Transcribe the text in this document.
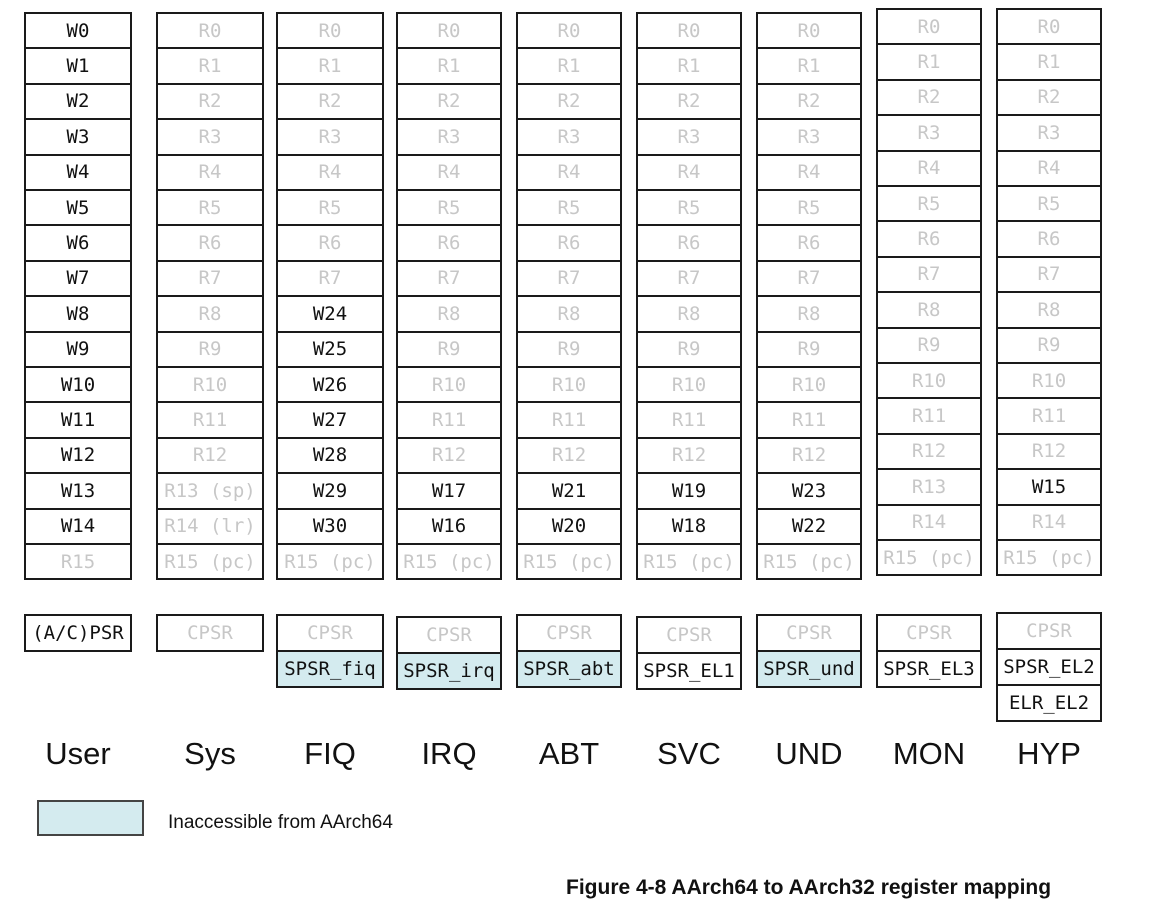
W0
W1
W2
W3
W4
W5
W6
W7
W8
W9
W10
W11
W12
W13
W14
R15
(A/C)PSR
User
R0
R1
R2
R3
R4
R5
R6
R7
R8
R9
R10
R11
R12
R13 (sp)
R14 (lr)
R15 (pc)
CPSR
Sys
R0
R1
R2
R3
R4
R5
R6
R7
W24
W25
W26
W27
W28
W29
W30
R15 (pc)
CPSR
SPSR_fiq
FIQ
R0
R1
R2
R3
R4
R5
R6
R7
R8
R9
R10
R11
R12
W17
W16
R15 (pc)
CPSR
SPSR_irq
IRQ
R0
R1
R2
R3
R4
R5
R6
R7
R8
R9
R10
R11
R12
W21
W20
R15 (pc)
CPSR
SPSR_abt
ABT
R0
R1
R2
R3
R4
R5
R6
R7
R8
R9
R10
R11
R12
W19
W18
R15 (pc)
CPSR
SPSR_EL1
SVC
R0
R1
R2
R3
R4
R5
R6
R7
R8
R9
R10
R11
R12
W23
W22
R15 (pc)
CPSR
SPSR_und
UND
R0
R1
R2
R3
R4
R5
R6
R7
R8
R9
R10
R11
R12
R13
R14
R15 (pc)
CPSR
SPSR_EL3
MON
R0
R1
R2
R3
R4
R5
R6
R7
R8
R9
R10
R11
R12
W15
R14
R15 (pc)
CPSR
SPSR_EL2
ELR_EL2
HYP
Inaccessible from AArch64
Figure 4-8 AArch64 to AArch32 register mapping
